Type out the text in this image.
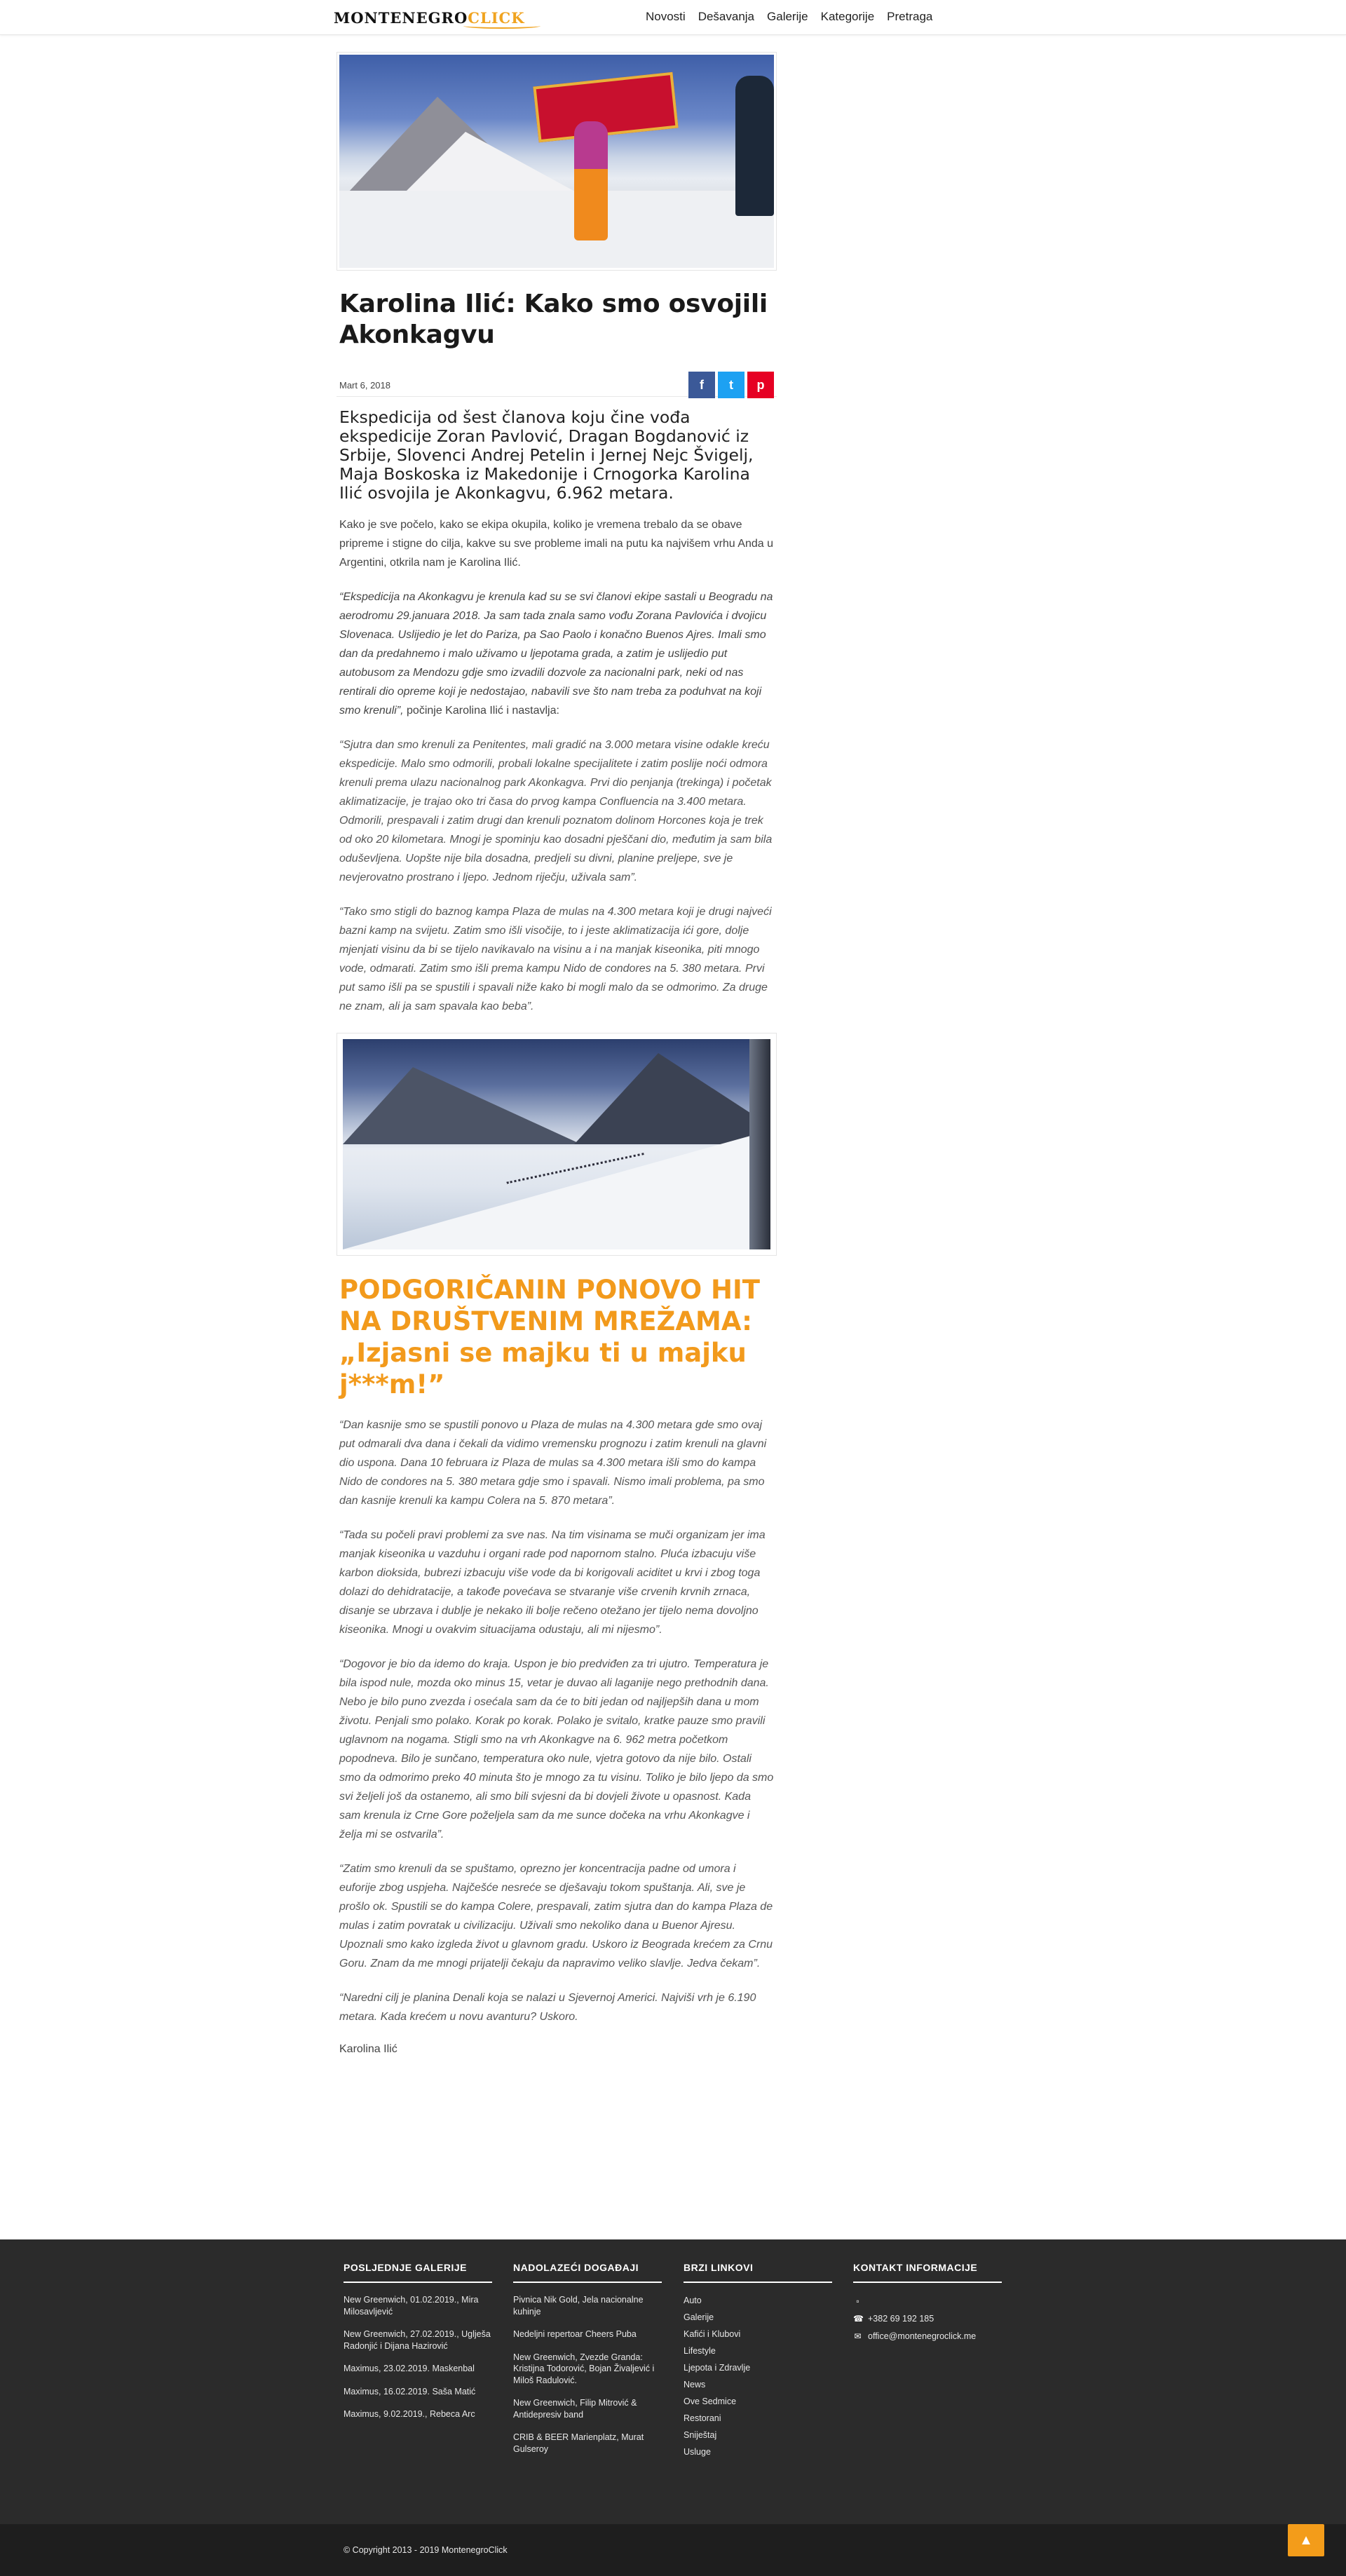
MONTENEGROCLICK	Novosti	Dešavanja	Galerije	Kategorije	Pretraga
Karolina Ilić: Kako smo osvojili Akonkagvu
Mart 6, 2018	f	t	p

Ekspedicija od šest članova koju čine vođa ekspedicije Zoran Pavlović, Dragan Bogdanović iz Srbije, Slovenci Andrej Petelin i Jernej Nejc Švigelj, Maja Boskoska iz Makedonije i Crnogorka Karolina Ilić osvojila je Akonkagvu, 6.962 metara.

Kako je sve počelo, kako se ekipa okupila, koliko je vremena trebalo da se obave pripreme i stigne do cilja, kakve su sve probleme imali na putu ka najvišem vrhu Anda u Argentini, otkrila nam je Karolina Ilić.

“Ekspedicija na Akonkagvu je krenula kad su se svi članovi ekipe sastali u Beogradu na aerodromu 29.januara 2018. Ja sam tada znala samo vođu Zorana Pavlovića i dvojicu Slovenaca. Uslijedio je let do Pariza, pa Sao Paolo i konačno Buenos Ajres. Imali smo dan da predahnemo i malo uživamo u ljepotama grada, a zatim je uslijedio put autobusom za Mendozu gdje smo izvadili dozvole za nacionalni park, neki od nas rentirali dio opreme koji je nedostajao, nabavili sve što nam treba za poduhvat na koji smo krenuli”, počinje Karolina Ilić i nastavlja:

“Sjutra dan smo krenuli za Penitentes, mali gradić na 3.000 metara visine odakle kreću ekspedicije. Malo smo odmorili, probali lokalne specijalitete i zatim poslije noći odmora krenuli prema ulazu nacionalnog park Akonkagva. Prvi dio penjanja (trekinga) i početak aklimatizacije, je trajao oko tri časa do prvog kampa Confluencia na 3.400 metara. Odmorili, prespavali i zatim drugi dan krenuli poznatom dolinom Horcones koja je trek od oko 20 kilometara. Mnogi je spominju kao dosadni pješčani dio, međutim ja sam bila oduševljena. Uopšte nije bila dosadna, predjeli su divni, planine preljepe, sve je nevjerovatno prostrano i ljepo. Jednom riječju, uživala sam”.

“Tako smo stigli do baznog kampa Plaza de mulas na 4.300 metara koji je drugi najveći bazni kamp na svijetu. Zatim smo išli visočije, to i jeste aklimatizacija ići gore, dolje mjenjati visinu da bi se tijelo navikavalo na visinu a i na manjak kiseonika, piti mnogo vode, odmarati. Zatim smo išli prema kampu Nido de condores na 5. 380 metara. Prvi put samo išli pa se spustili i spavali niže kako bi mogli malo da se odmorimo. Za druge ne znam, ali ja sam spavala kao beba”.

PODGORIČANIN PONOVO HIT NA DRUŠTVENIM MREŽAMA: „Izjasni se majku ti u majku j***m!”

“Dan kasnije smo se spustili ponovo u Plaza de mulas na 4.300 metara gde smo ovaj put odmarali dva dana i čekali da vidimo vremensku prognozu i zatim krenuli na glavni dio uspona. Dana 10 februara iz Plaza de mulas sa 4.300 metara išli smo do kampa Nido de condores na 5. 380 metara gdje smo i spavali. Nismo imali problema, pa smo dan kasnije krenuli ka kampu Colera na 5. 870 metara”.

“Tada su počeli pravi problemi za sve nas. Na tim visinama se muči organizam jer ima manjak kiseonika u vazduhu i organi rade pod napornom stalno. Pluća izbacuju više karbon dioksida, bubrezi izbacuju više vode da bi korigovali aciditet u krvi i zbog toga dolazi do dehidratacije, a takođe povećava se stvaranje više crvenih krvnih zrnaca, disanje se ubrzava i dublje je nekako ili bolje rečeno otežano jer tijelo nema dovoljno kiseonika. Mnogi u ovakvim situacijama odustaju, ali mi nijesmo”.

“Dogovor je bio da idemo do kraja. Uspon je bio predviđen za tri ujutro. Temperatura je bila ispod nule, mozda oko minus 15, vetar je duvao ali laganije nego prethodnih dana. Nebo je bilo puno zvezda i osećala sam da će to biti jedan od najljepših dana u mom životu. Penjali smo polako. Korak po korak. Polako je svitalo, kratke pauze smo pravili uglavnom na nogama. Stigli smo na vrh Akonkagve na 6. 962 metra početkom popodneva. Bilo je sunčano, temperatura oko nule, vjetra gotovo da nije bilo. Ostali smo da odmorimo preko 40 minuta što je mnogo za tu visinu. Toliko je bilo ljepo da smo svi željeli još da ostanemo, ali smo bili svjesni da bi dovjeli živote u opasnost. Kada sam krenula iz Crne Gore poželjela sam da me sunce dočeka na vrhu Akonkagve i želja mi se ostvarila”.

“Zatim smo krenuli da se spuštamo, oprezno jer koncentracija padne od umora i euforije zbog uspjeha. Najčešće nesreće se dješavaju tokom spuštanja. Ali, sve je prošlo ok. Spustili se do kampa Colere, prespavali, zatim sjutra dan do kampa Plaza de mulas i zatim povratak u civilizaciju. Uživali smo nekoliko dana u Buenor Ajresu. Upoznali smo kako izgleda život u glavnom gradu. Uskoro iz Beograda krećem za Crnu Goru. Znam da me mnogi prijatelji čekaju da napravimo veliko slavlje. Jedva čekam”.

“Naredni cilj je planina Denali koja se nalazi u Sjevernoj Americi. Najviši vrh je 6.190 metara. Kada krećem u novu avanturu? Uskoro.

Karolina Ilić

POSLJEDNJE GALERIJE
New Greenwich, 01.02.2019., Mira Milosavljević
New Greenwich, 27.02.2019., Uglješa Radonjić i Dijana Hazirović
Maximus, 23.02.2019. Maskenbal
Maximus, 16.02.2019. Saša Matić
Maximus, 9.02.2019., Rebeca Arc
NADOLAZEĆI DOGAĐAJI
Pivnica Nik Gold, Jela nacionalne kuhinje
Nedeljni repertoar Cheers Puba
New Greenwich, Zvezde Granda: Kristijna Todorović, Bojan Živaljević i Miloš Radulović.
New Greenwich, Filip Mitrović & Antidepresiv band
CRIB & BEER Marienplatz, Murat Gulseroy
BRZI LINKOVI
Auto
Galerije
Kafići i Klubovi
Lifestyle
Ljepota i Zdravlje
News
Ove Sedmice
Restorani
Sniještaj
Usluge
KONTAKT INFORMACIJE
▫
☎ +382 69 192 185
✉ office@montenegroclick.me
© Copyright 2013 - 2019 MontenegroClick
▲
